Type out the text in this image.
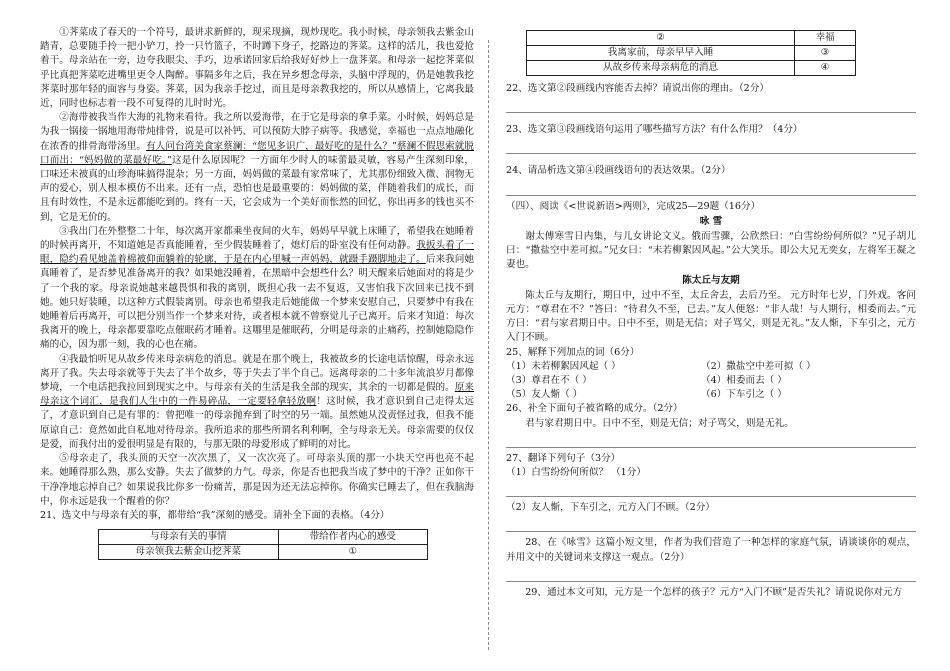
①荠菜成了春天的一个符号，最讲求新鲜的，现采现摘，现炒现吃。我小时候，母亲领我去紫金山踏青，总要随手拎一把小铲刀，拎一只竹篮子，不时蹲下身子，挖路边的荠菜。这样的活儿，我也爱抢着干。母亲站在一旁，边夸我眼尖、手巧，边承诺回家后给我好好炒上一盘荠菜。和母亲一起挖荠菜似乎比真把荠菜吃进嘴里更令人陶醉。事隔多年之后，我在异乡想念母亲，头脑中浮现的，仍是她教我挖荠菜时那年轻的面容与身姿。荠菜，因为我亲手挖过，而且是母亲教我挖的，所以从感情上，它离我最近，同时也标志着一段不可复得的儿时时光。

②海带被我当作大海的礼物来看待。我之所以爱海带，在于它是母亲的拿手菜。小时候，妈妈总是为我一锅接一锅地用海带炖排骨，说是可以补钙、可以预防大脖子病等。我感觉，幸福也一点点地融化在浓香的排骨海带汤里。有人问台湾美食家蔡澜：“您见多识广，最好吃的是什么？”蔡澜不假思索就脱口而出：“妈妈做的菜最好吃。”这是什么原因呢？一方面年少时人的味蕾最灵敏，容易产生深刻印象，口味还未被真的山珍海味搞得混杂；另一方面，妈妈做的菜最有家常味了，尤其那份细致入微、润物无声的爱心，别人根本模仿不出来。还有一点，恐怕也是最重要的：妈妈做的菜，伴随着我们的成长，而且有时效性，不是永远都能吃到的。终有一天，它会成为一个美好而怅然的回忆，你出再多的钱也买不到，它是无价的。

③我出门在外整整二十年，每次离开家都乘坐夜间的火车，妈妈早早就上床睡了，希望我在她睡着的时候再离开，不知道她是否真能睡着，至少假装睡着了，熄灯后的卧室没有任何动静。我扳头看了一眼，隐约看见她盖着棉被仰面躺着的轮廓，于是在内心里喊一声妈妈，就蹑手蹑脚地走了。后来我问她真睡着了，是否梦见准备离开的我？如果她没睡着，在黑暗中会想些什么？明天醒来后她面对的将是少了一个我的家。母亲说她越来越畏惧和我的离别，既担心我一去不复返，又害怕我下次回来已找不到她。她只好装睡，以这种方式假装离别。母亲也希望我走后她能做一个梦来安慰自己，只要梦中有我在她睡着后再离开，可以把分别当作一个梦来对待，或者根本就不曾察觉儿子已离开。后来才知道：每次我离开的晚上，母亲都要靠吃点催眠药才睡着。这哪里是催眠药，分明是母亲的止痛药，控制她隐隐作痛的心，因为那一刻，我的心也在痛。

④我最怕听见从故乡传来母亲病危的消息。就是在那个晚上，我被故乡的长途电话惊醒，母亲永远离开了我。失去母亲就等于失去了半个故乡，等于失去了半个自己。远离母亲的二十多年流浪岁月都像梦境，一个电话把我拉回到现实之中。与母亲有关的生活是我全部的现实，其余的一切都是假的。原来母亲这个词汇，是我们人生中的一件易碎品，一定要轻拿轻放啊！这时候，我才意识到自己走得太远了，才意识到自己是有罪的：曾把唯一的母亲抛弃到了时空的另一端。虽然她从没责怪过我，但我不能原谅自己：竟然如此自私地对待母亲。我所追求的那些所谓名利利啊，全与母亲无关。母亲需要的仅仅是爱，而我付出的爱很明显是有限的，与那无限的母爱形成了鲜明的对比。

⑤母亲走了，我头顶的天空一次次黑了，又一次次亮了。可母亲头顶的那一小块天空再也亮不起来。她睡得那么熟，那么安静。失去了做梦的力气。母亲，你是否也把我当成了梦中的干净？正如你干干净净地忘掉自己？如果说我比你多一份痛苦，那是因为还无法忘掉你。你确实已睡去了，但在我脑海中，你永远是我一个醒着的你？

21、选文中与母亲有关的事，都带给“我”深刻的感受。请补全下面的表格。（4分）

与母亲有关的事情	带给作者内心的感受
母亲领我去紫金山挖荠菜	①
②	幸福
我离家前，母亲早早入睡	③
从故乡传来母亲病危的消息	④

22、选文第②段画线内容能否去掉？请说出你的理由。（2分）

23、选文第③段画线语句运用了哪些描写方法？有什么作用？（4分）

24、请品析选文第④段画线语句的表达效果。（2分）

（四）、阅读《<世说新语>两则》，完成25—29题（16分）

咏 雪

谢太傅寒雪日内集，与儿女讲论文义。俄而雪骤，公欣然曰：“白雪纷纷何所似？”兄子胡儿曰：“撒盐空中差可拟。”兄女曰：“未若柳絮因风起。”公大笑乐。即公大兄无奕女，左将军王凝之妻也。

陈太丘与友期

陈太丘与友期行，期日中，过中不至，太丘舍去，去后乃至。 元方时年七岁，门外戏。客问元方：“尊君在不？”答曰：“待君久不至，已去。”友人便怒：“非人哉！与人期行，相委而去。”元方曰：“君与家君期日中。日中不至，则是无信；对子骂父，则是无礼。”友人惭，下车引之，元方入门不顾。

25、解释下列加点的词（6分）

（1）未若柳絮因风起（ ）	（2）撒盐空中差可拟（ ）
（3）尊君在不（ ）	（4）相委而去（ ）
（5）友人惭（ ）	（6）下车引之（ ）

26、补全下面句子被省略的成分。（2分）

君与家君期日中。日中不至，则是无信；对子骂父，则是无礼。

27、翻译下列句子（3分）

（1）白雪纷纷何所似？ （1分）

（2）友人惭，下车引之，元方入门不顾。（2分）

28、在《咏雪》这篇小短文里，作者为我们营造了一种怎样的家庭气氛，请谈谈你的观点，并用文中的关键词来支撑这一观点。（2分）

29、通过本文可知，元方是一个怎样的孩子？元方“入门不顾”是否失礼？请说说你对元方
